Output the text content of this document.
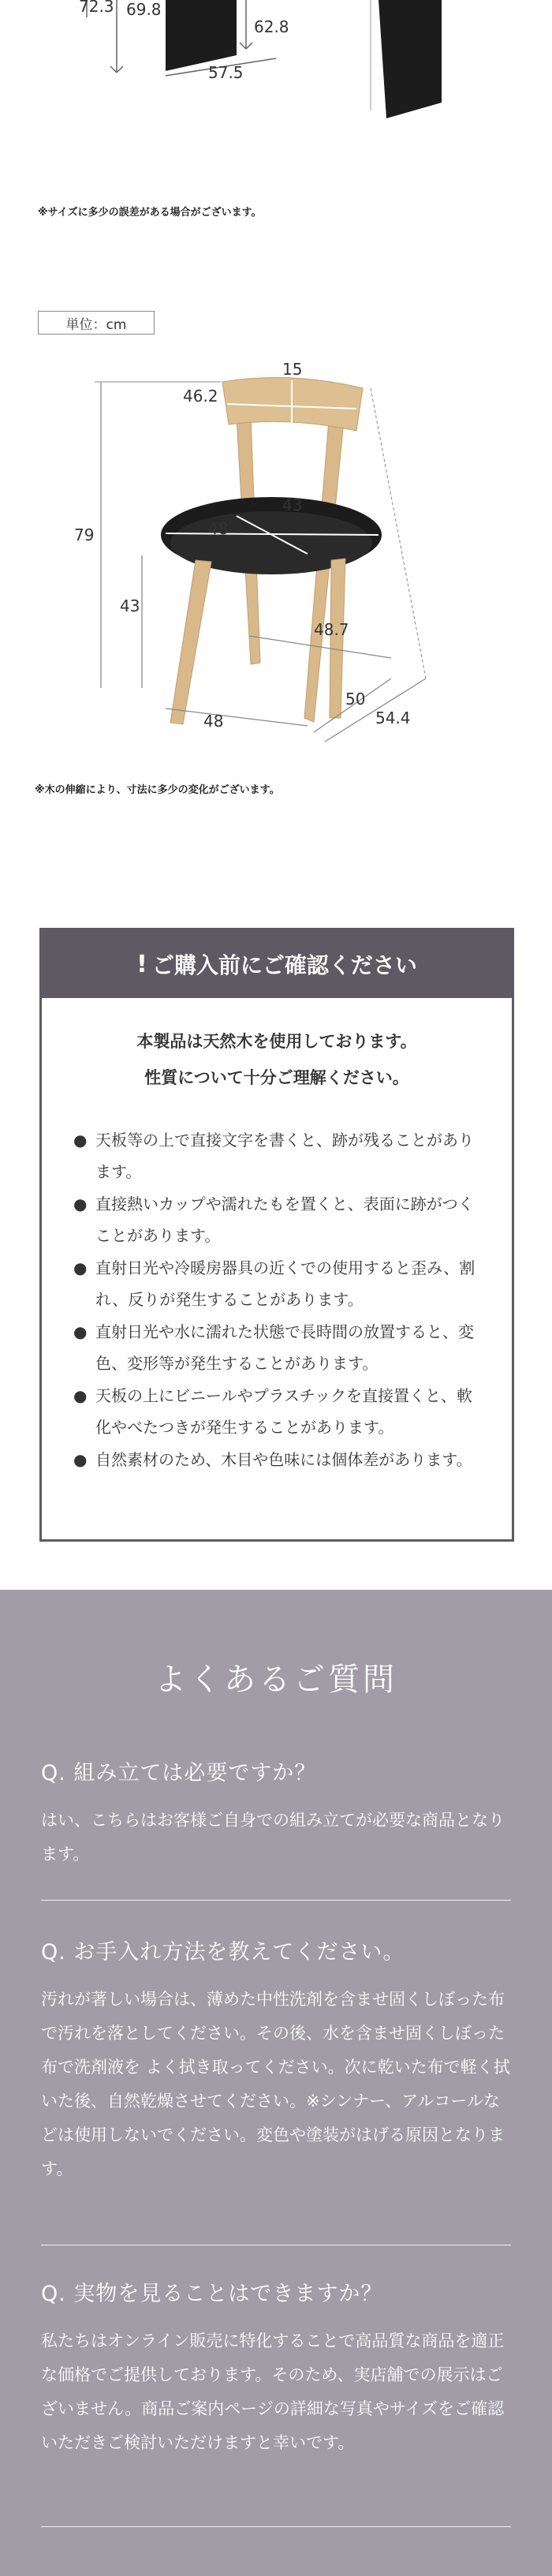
72.3 69.8
62.8
57.5
※サイズに多少の誤差がある場合がございます。
単位：cm
15
46.2
43
48
79
43
48.7
48
50
54.4
※木の伸縮により、寸法に多少の変化がございます。
! ご購入前にご確認ください
本製品は天然木を使用しております。
性質について十分ご理解ください。
● 天板等の上で直接文字を書くと、跡が残ることがあります。
● 直接熱いカップや濡れたもを置くと、表面に跡がつくことがあります。
● 直射日光や冷暖房器具の近くでの使用すると歪み、割れ、反りが発生することがあります。
● 直射日光や水に濡れた状態で長時間の放置すると、変色、変形等が発生することがあります。
● 天板の上にビニールやプラスチックを直接置くと、軟化やべたつきが発生することがあります。
● 自然素材のため、木目や色味には個体差があります。
よくあるご質問
Q. 組み立ては必要ですか？
はい、こちらはお客様ご自身での組み立てが必要な商品となります。
Q. お手入れ方法を教えてください。
汚れが著しい場合は、薄めた中性洗剤を含ませ固くしぼった布で汚れを落としてください。その後、水を含ませ固くしぼった布で洗剤液を よく拭き取ってください。次に乾いた布で軽く拭いた後、自然乾燥させてください。※シンナー、アルコールなどは使用しないでください。変色や塗装がはげる原因となります。
Q. 実物を見ることはできますか？
私たちはオンライン販売に特化することで高品質な商品を適正な価格でご提供しております。そのため、実店舗での展示はございません。商品ご案内ページの詳細な写真やサイズをご確認いただきご検討いただけますと幸いです。
